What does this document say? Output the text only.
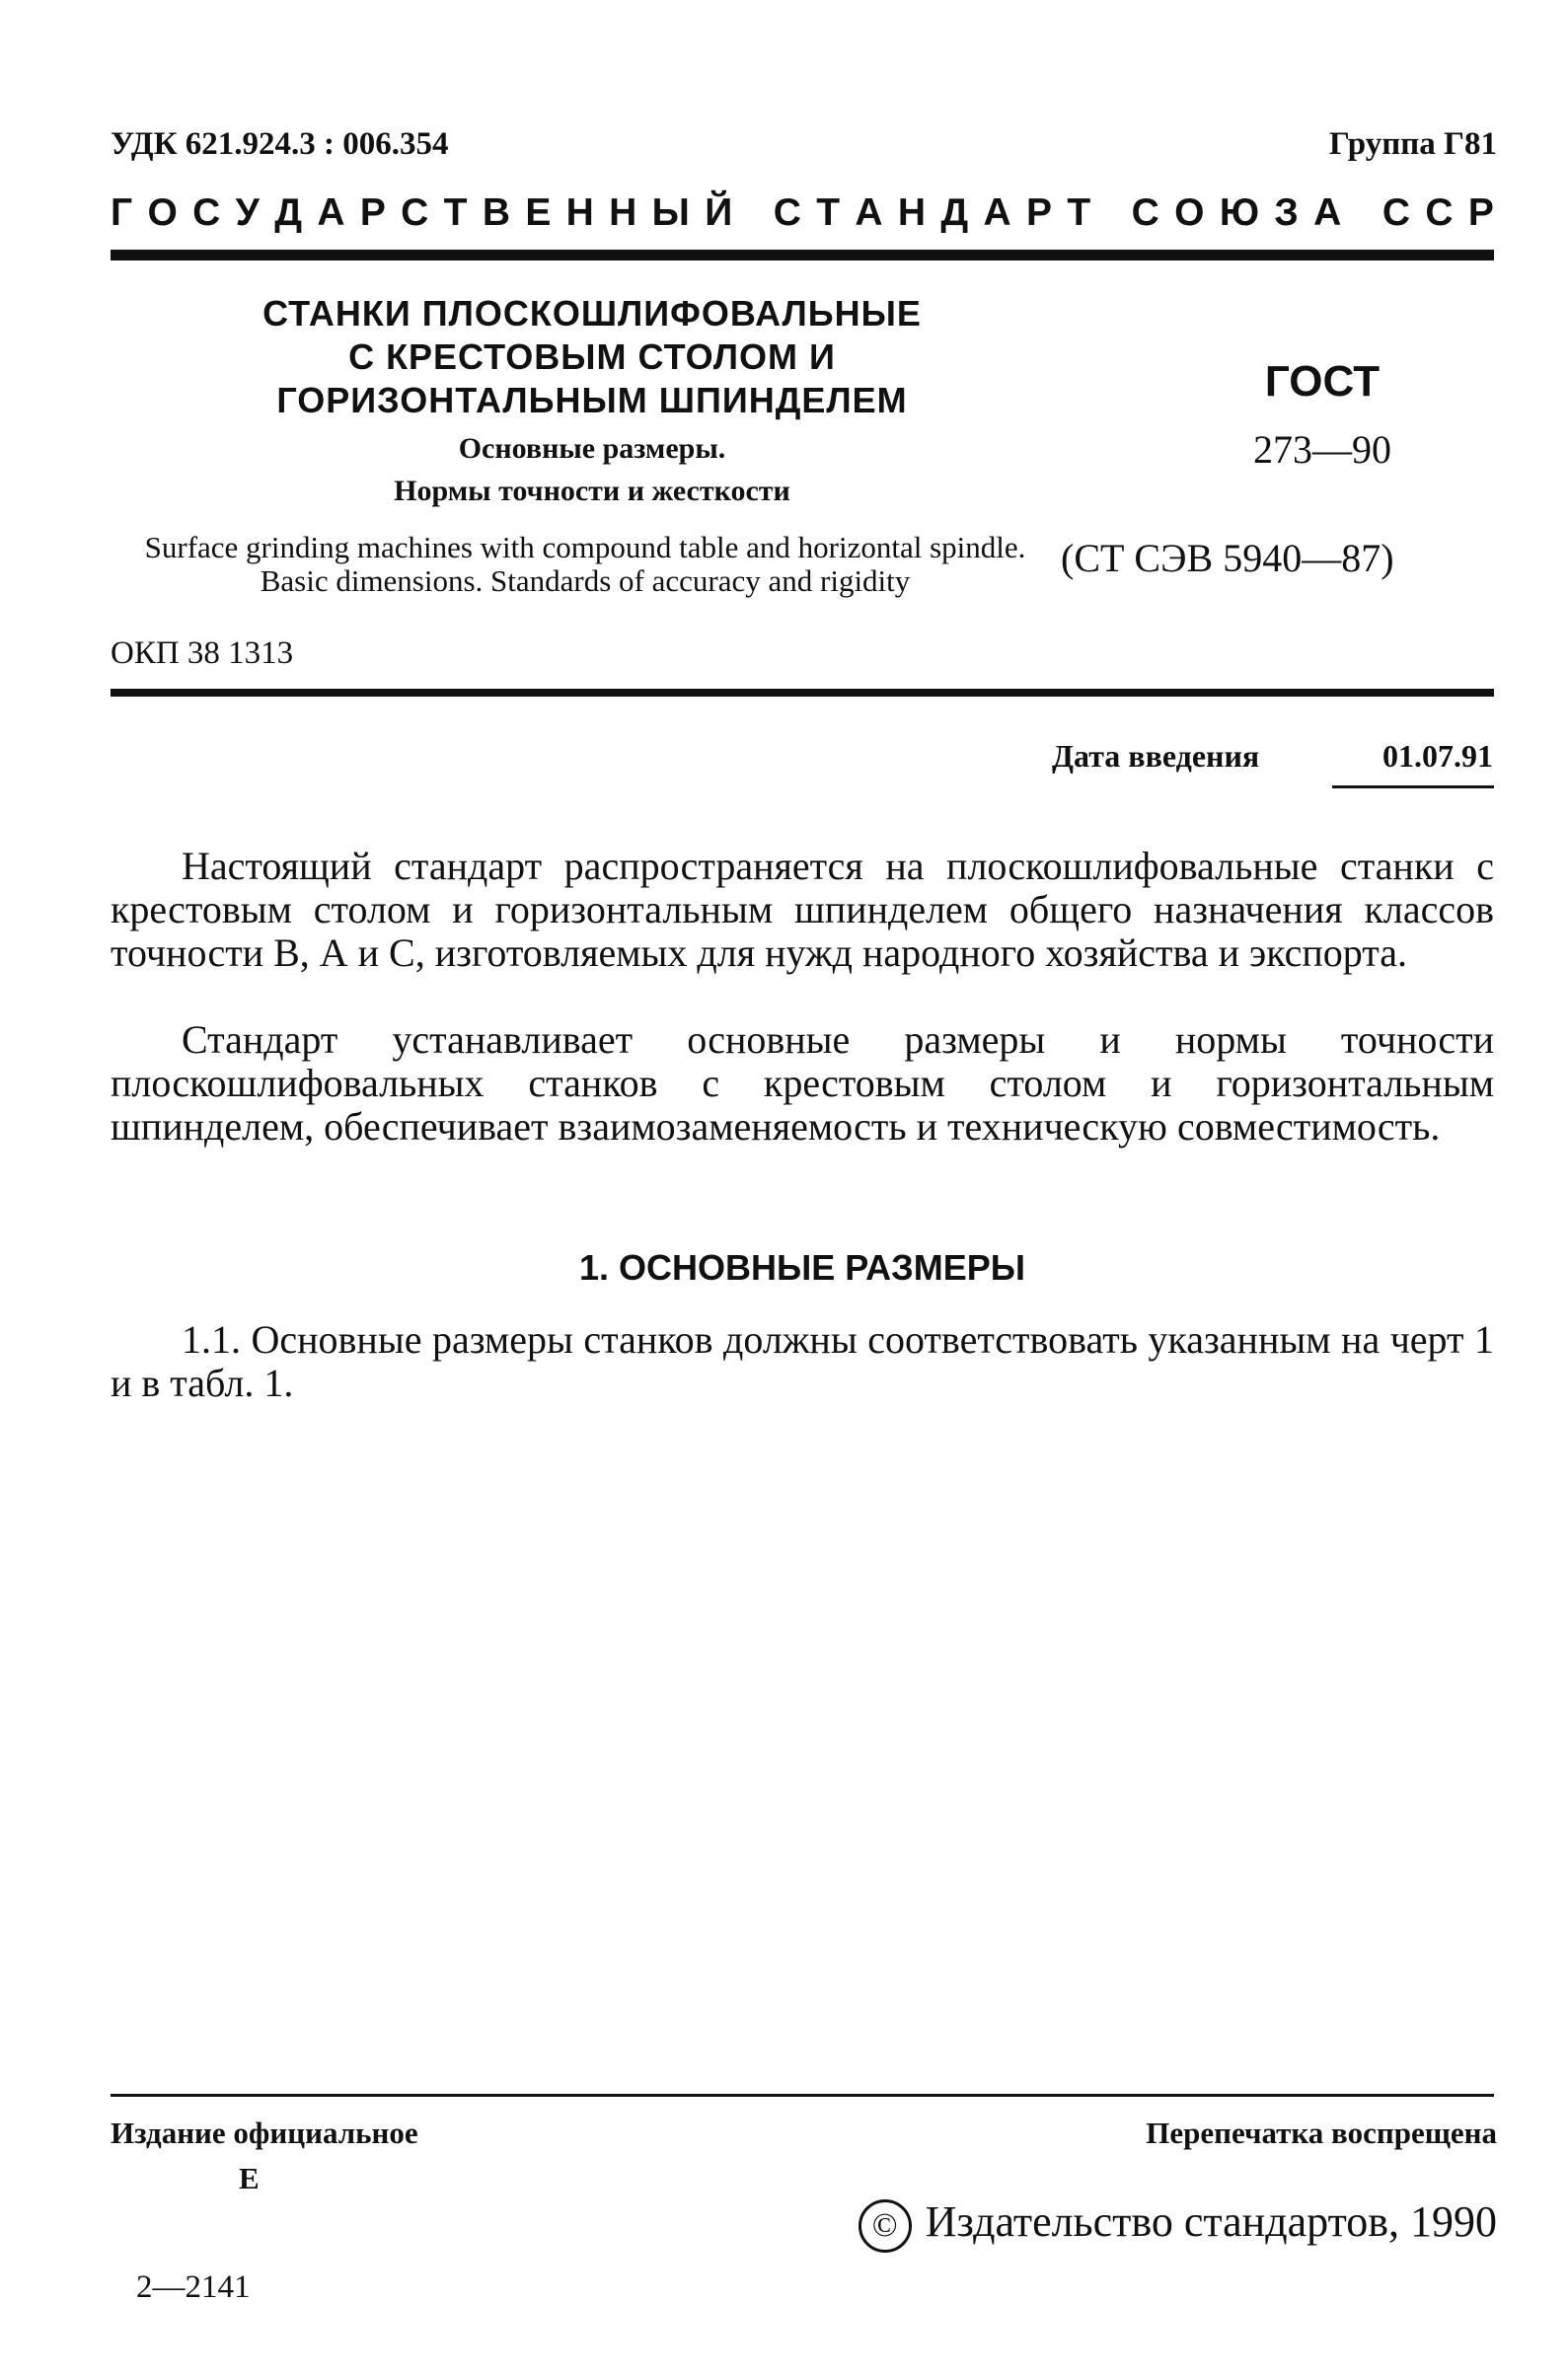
УДК 621.924.3 : 006.354	Группа Г81
Г О С У Д А Р С Т В Е Н Н Ы Й
С Т А Н Д А Р Т
С О Ю З А
С С Р
СТАНКИ ПЛОСКОШЛИФОВАЛЬНЫЕ
С КРЕСТОВЫМ СТОЛОМ И
ГОРИЗОНТАЛЬНЫМ ШПИНДЕЛЕМ
Основные размеры.
Нормы точности и жесткости
ГОСТ
273—90
(СТ СЭВ 5940—87)
Surface grinding machines with compound table and horizontal spindle. Basic dimensions. Standards of accuracy and rigidity
ОКП 38 1313
Дата введения	01.07.91
Настоящий стандарт распространяется на плоскошлифовальные станки с крестовым столом и горизонтальным шпинделем общего назначения классов точности В, А и С, изготовляемых для нужд народного хозяйства и экспорта.
Стандарт устанавливает основные размеры и нормы точности плоскошлифовальных станков с крестовым столом и горизонтальным шпинделем, обеспечивает взаимозаменяемость и техническую совместимость.
1. ОСНОВНЫЕ РАЗМЕРЫ
1.1. Основные размеры станков должны соответствовать указанным на черт 1 и в табл. 1.
Издание официальное
Е
Перепечатка воспрещена
© Издательство стандартов, 1990
2—2141
